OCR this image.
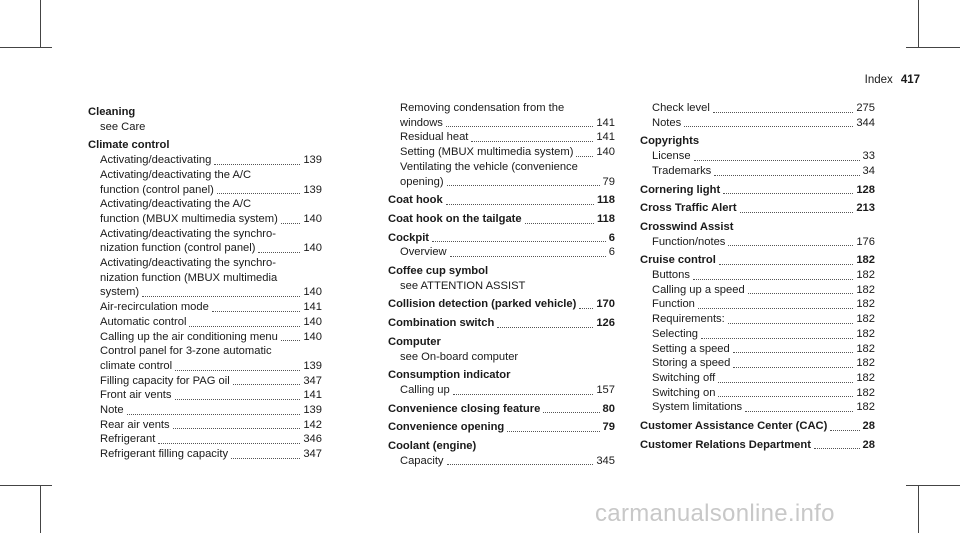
Index 417
Cleaning
see Care
Climate control
Activating/deactivating	139
Activating/deactivating the A/C
function (control panel)	139
Activating/deactivating the A/C
function (MBUX multimedia system) 140
Activating/deactivating the synchro-
nization function (control panel)	140
Activating/deactivating the synchro-
nization function (MBUX multimedia
system)	140
Air-recirculation mode	141
Automatic control	140
Calling up the air conditioning menu 140
Control panel for 3-zone automatic
climate control	139
Filling capacity for PAG oil	347
Front air vents	141
Note	139
Rear air vents	142
Refrigerant	346
Refrigerant filling capacity	347
Removing condensation from the
windows	141
Residual heat	141
Setting (MBUX multimedia system) 140
Ventilating the vehicle (convenience
opening)	79
Coat hook	118
Coat hook on the tailgate	118
Cockpit	6
Overview	6
Coffee cup symbol
see ATTENTION ASSIST
Collision detection (parked vehicle) 170
Combination switch	126
Computer
see On-board computer
Consumption indicator
Calling up	157
Convenience closing feature	80
Convenience opening	79
Coolant (engine)
Capacity	345
Check level	275
Notes	344
Copyrights
License	33
Trademarks	34
Cornering light	128
Cross Traffic Alert	213
Crosswind Assist
Function/notes	176
Cruise control	182
Buttons	182
Calling up a speed	182
Function	182
Requirements:	182
Selecting	182
Setting a speed	182
Storing a speed	182
Switching off	182
Switching on	182
System limitations	182
Customer Assistance Center (CAC)	28
Customer Relations Department	28
carmanualsonline.info
